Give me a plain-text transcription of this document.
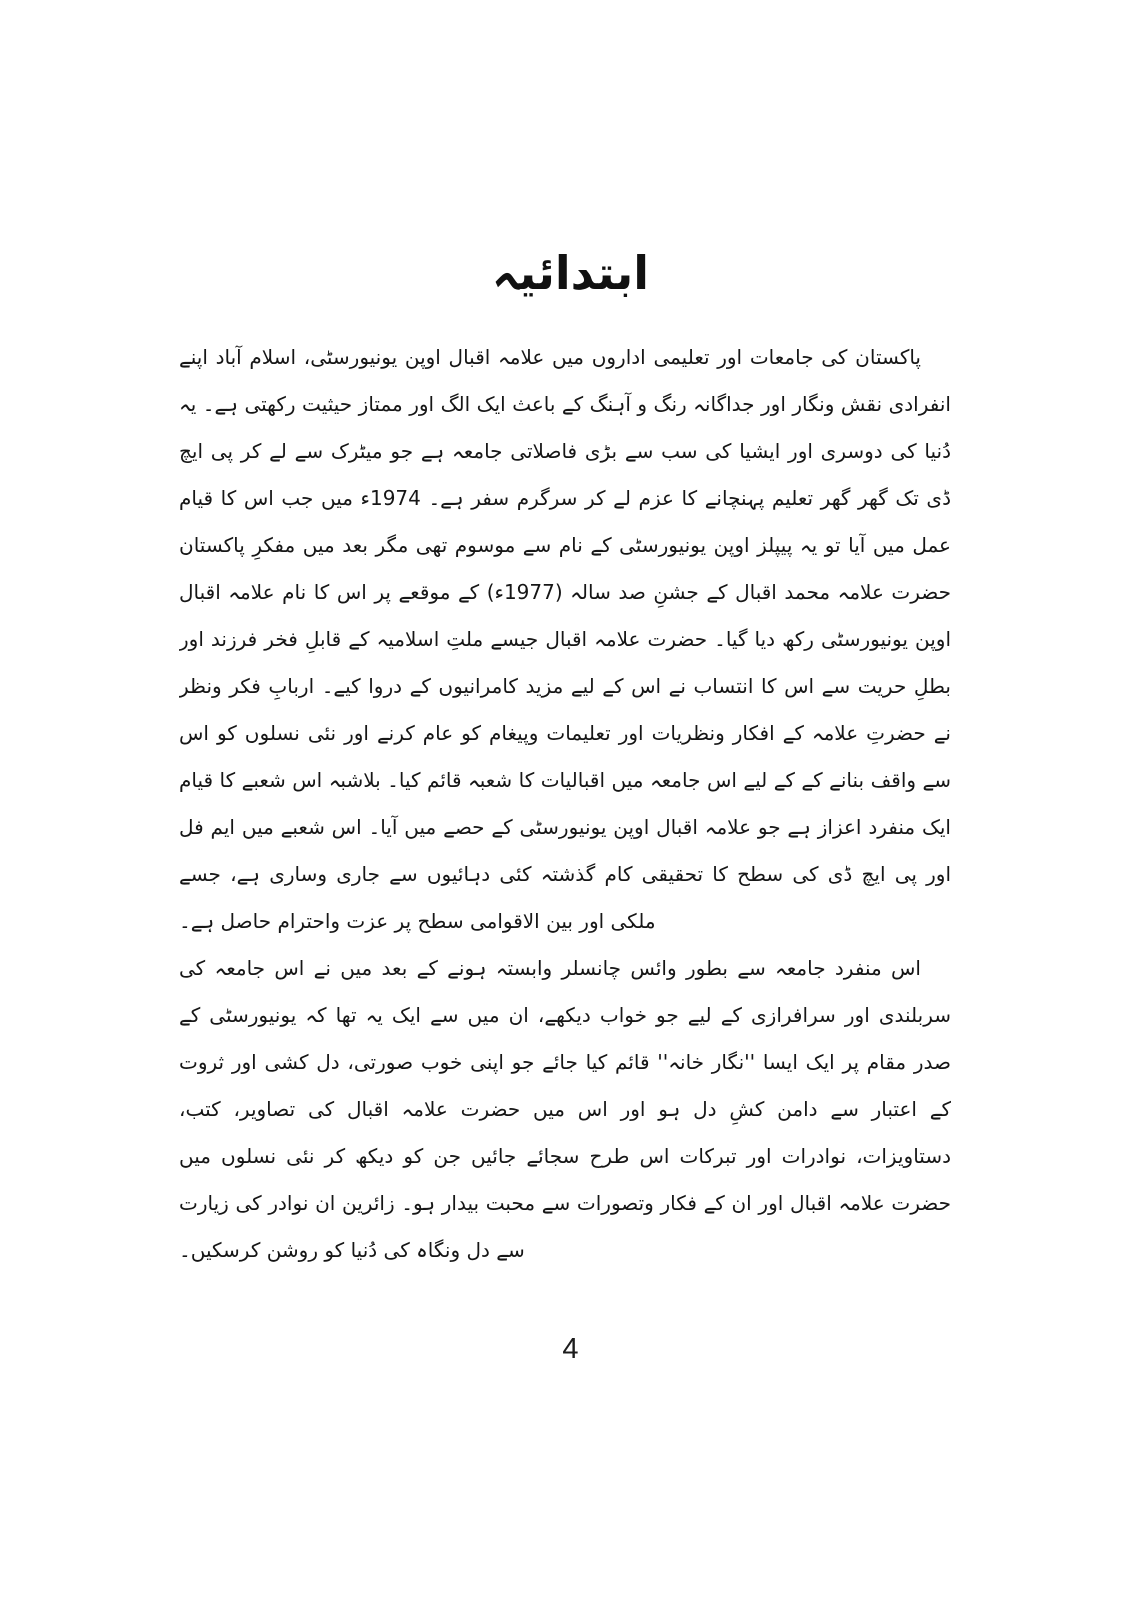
ابتدائیہ

پاکستان کی جامعات اور تعلیمی اداروں میں علامہ اقبال اوپن یونیورسٹی، اسلام آباد اپنے انفرادی نقش ونگار اور جداگانہ رنگ و آہنگ کے باعث ایک الگ اور ممتاز حیثیت رکھتی ہے۔ یہ دُنیا کی دوسری اور ایشیا کی سب سے بڑی فاصلاتی جامعہ ہے جو میٹرک سے لے کر پی ایچ ڈی تک گھر گھر تعلیم پہنچانے کا عزم لے کر سرگرم سفر ہے۔ 1974ء میں جب اس کا قیام عمل میں آیا تو یہ پیپلز اوپن یونیورسٹی کے نام سے موسوم تھی مگر بعد میں مفکرِ پاکستان حضرت علامہ محمد اقبال کے جشنِ صد سالہ (1977ء) کے موقعے پر اس کا نام علامہ اقبال اوپن یونیورسٹی رکھ دیا گیا۔ حضرت علامہ اقبال جیسے ملتِ اسلامیہ کے قابلِ فخر فرزند اور بطلِ حریت سے اس کا انتساب نے اس کے لیے مزید کامرانیوں کے دروا کیے۔ اربابِ فکر ونظر نے حضرتِ علامہ کے افکار ونظریات اور تعلیمات وپیغام کو عام کرنے اور نئی نسلوں کو اس سے واقف بنانے کے کے لیے اس جامعہ میں اقبالیات کا شعبہ قائم کیا۔ بلاشبہ اس شعبے کا قیام ایک منفرد اعزاز ہے جو علامہ اقبال اوپن یونیورسٹی کے حصے میں آیا۔ اس شعبے میں ایم فل اور پی ایچ ڈی کی سطح کا تحقیقی کام گذشتہ کئی دہائیوں سے جاری وساری ہے، جسے ملکی اور بین الاقوامی سطح پر عزت واحترام حاصل ہے۔

اس منفرد جامعہ سے بطور وائس چانسلر وابستہ ہونے کے بعد میں نے اس جامعہ کی سربلندی اور سرافرازی کے لیے جو خواب دیکھے، ان میں سے ایک یہ تھا کہ یونیورسٹی کے صدر مقام پر ایک ایسا ''نگار خانہ'' قائم کیا جائے جو اپنی خوب صورتی، دل کشی اور ثروت کے اعتبار سے دامن کشِ دل ہو اور اس میں حضرت علامہ اقبال کی تصاویر، کتب، دستاویزات، نوادرات اور تبرکات اس طرح سجائے جائیں جن کو دیکھ کر نئی نسلوں میں حضرت علامہ اقبال اور ان کے فکار وتصورات سے محبت بیدار ہو۔ زائرین ان نوادر کی زیارت سے دل ونگاہ کی دُنیا کو روشن کرسکیں۔

4
